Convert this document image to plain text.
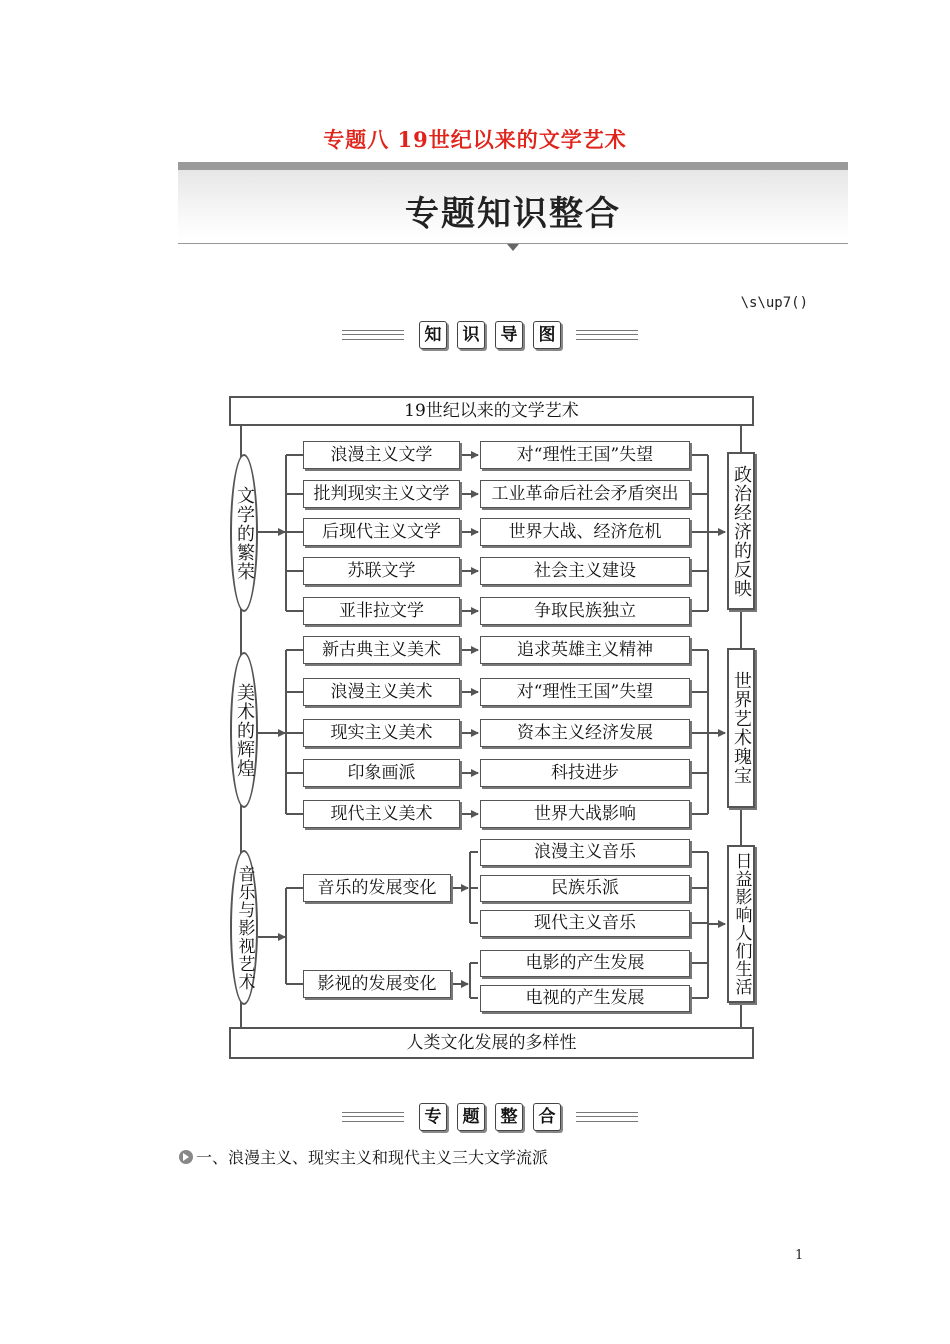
专题八 19世纪以来的文学艺术
专题知识整合
\s\up7()
知	识	导	图
19世纪以来的文学艺术
人类文化发展的多样性
文学的繁荣
浪漫主义文学
批判现实主义文学
后现代主义文学
苏联文学
亚非拉文学
对“理性王国”失望
工业革命后社会矛盾突出
世界大战、经济危机
社会主义建设
争取民族独立
政治经济的反映
美术的辉煌
新古典主义美术
浪漫主义美术
现实主义美术
印象画派
现代主义美术
追求英雄主义精神
对“理性王国”失望
资本主义经济发展
科技进步
世界大战影响
世界艺术瑰宝
音乐与影视艺术	音乐的发展变化
影视的发展变化
浪漫主义音乐
民族乐派
现代主义音乐
电影的产生发展
电视的产生发展
日益影响人们生活
专	题	整	合
一、浪漫主义、现实主义和现代主义三大文学流派
1
